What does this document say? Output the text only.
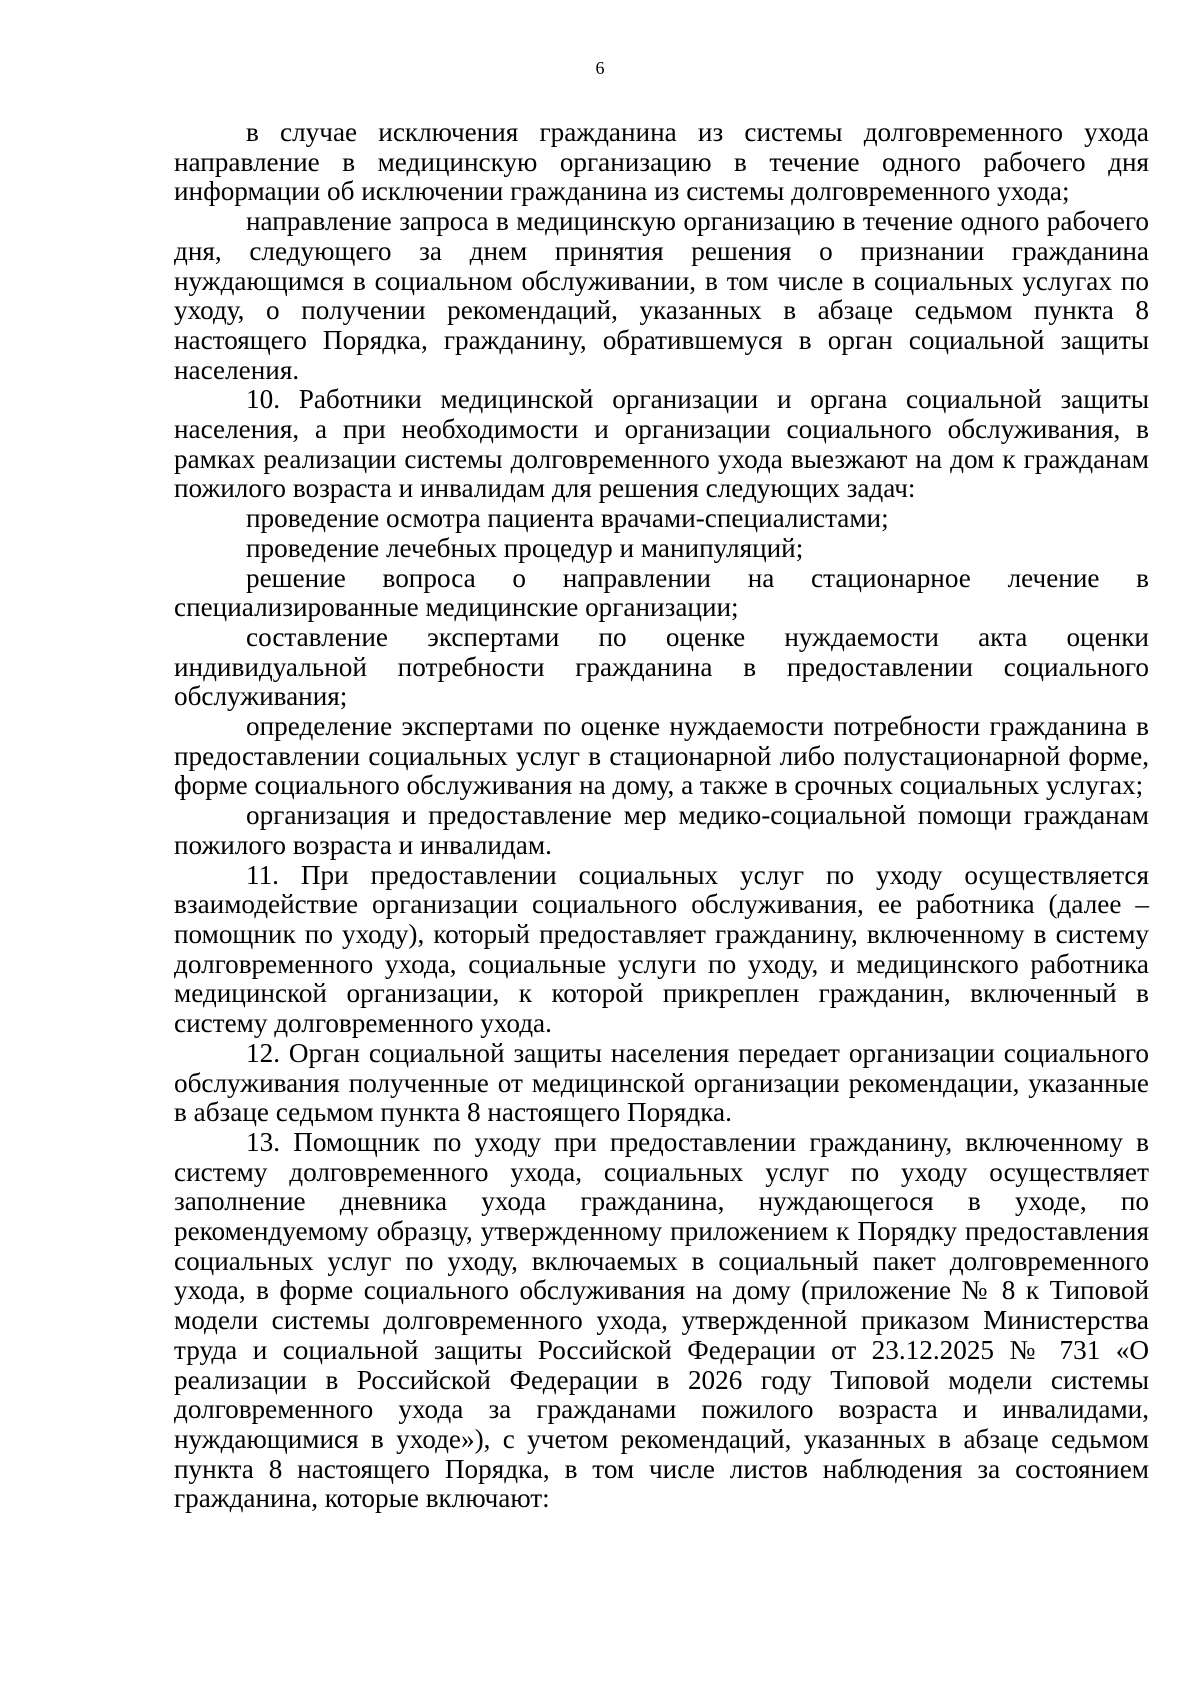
6

в случае исключения гражданина из системы долговременного ухода направление в медицинскую организацию в течение одного рабочего дня информации об исключении гражданина из системы долговременного ухода;

направление запроса в медицинскую организацию в течение одного рабочего дня, следующего за днем принятия решения о признании гражданина нуждающимся в социальном обслуживании, в том числе в социальных услугах по уходу, о получении рекомендаций, указанных в абзаце седьмом пункта 8 настоящего Порядка, гражданину, обратившемуся в орган социальной защиты населения.

10. Работники медицинской организации и органа социальной защиты населения, а при необходимости и организации социального обслуживания, в рамках реализации системы долговременного ухода выезжают на дом к гражданам пожилого возраста и инвалидам для решения следующих задач:

проведение осмотра пациента врачами-специалистами;

проведение лечебных процедур и манипуляций;

решение вопроса о направлении на стационарное лечение в специализированные медицинские организации;

составление экспертами по оценке нуждаемости акта оценки индивидуальной потребности гражданина в предоставлении социального обслуживания;

определение экспертами по оценке нуждаемости потребности гражданина в предоставлении социальных услуг в стационарной либо полустационарной форме, форме социального обслуживания на дому, а также в срочных социальных услугах;

организация и предоставление мер медико-социальной помощи гражданам пожилого возраста и инвалидам.

11. При предоставлении социальных услуг по уходу осуществляется взаимодействие организации социального обслуживания, ее работника (далее – помощник по уходу), который предоставляет гражданину, включенному в систему долговременного ухода, социальные услуги по уходу, и медицинского работника медицинской организации, к которой прикреплен гражданин, включенный в систему долговременного ухода.

12. Орган социальной защиты населения передает организации социального обслуживания полученные от медицинской организации рекомендации, указанные в абзаце седьмом пункта 8 настоящего Порядка.

13. Помощник по уходу при предоставлении гражданину, включенному в систему долговременного ухода, социальных услуг по уходу осуществляет заполнение дневника ухода гражданина, нуждающегося в уходе, по рекомендуемому образцу, утвержденному приложением к Порядку предоставления социальных услуг по уходу, включаемых в социальный пакет долговременного ухода, в форме социального обслуживания на дому (приложение № 8 к Типовой модели системы долговременного ухода, утвержденной приказом Министерства труда и социальной защиты Российской Федерации от 23.12.2025 № 731 «О реализации в Российской Федерации в 2026 году Типовой модели системы долговременного ухода за гражданами пожилого возраста и инвалидами, нуждающимися в уходе»), с учетом рекомендаций, указанных в абзаце седьмом пункта 8 настоящего Порядка, в том числе листов наблюдения за состоянием гражданина, которые включают:
